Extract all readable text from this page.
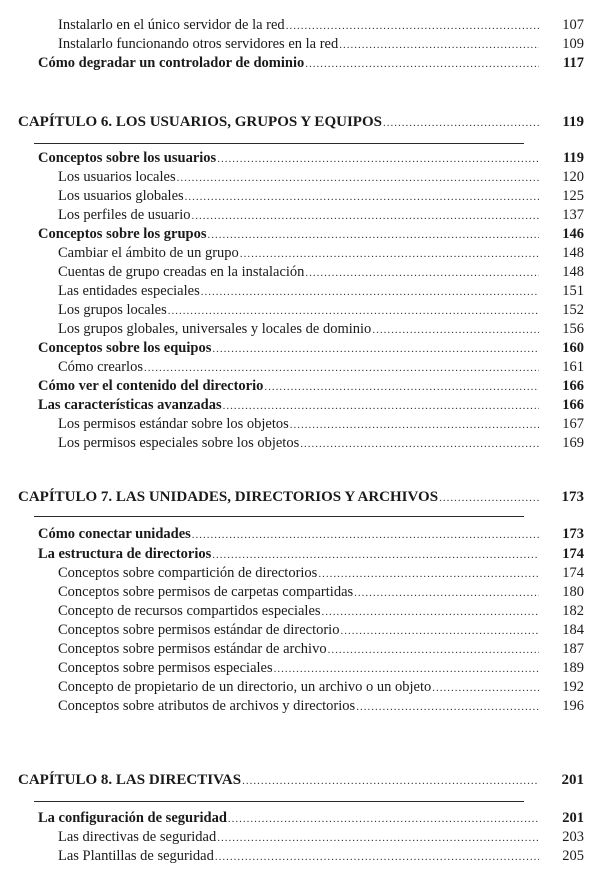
Instalarlo en el único servidor de la red .....	107
Instalarlo funcionando otros servidores en la red .....	109
Cómo degradar un controlador de dominio .....	117
CAPÍTULO 6. LOS USUARIOS, GRUPOS Y EQUIPOS .....	119
Conceptos sobre los usuarios .....	119
Los usuarios locales .....	120
Los usuarios globales .....	125
Los perfiles de usuario .....	137
Conceptos sobre los grupos .....	146
Cambiar el ámbito de un grupo .....	148
Cuentas de grupo creadas en la instalación .....	148
Las entidades especiales .....	151
Los grupos locales .....	152
Los grupos globales, universales y locales de dominio .....	156
Conceptos sobre los equipos .....	160
Cómo crearlos .....	161
Cómo ver el contenido del directorio .....	166
Las características avanzadas .....	166
Los permisos estándar sobre los objetos .....	167
Los permisos especiales sobre los objetos .....	169
CAPÍTULO 7. LAS UNIDADES, DIRECTORIOS Y ARCHIVOS .....	173
Cómo conectar unidades .....	173
La estructura de directorios .....	174
Conceptos sobre compartición de directorios .....	174
Conceptos sobre permisos de carpetas compartidas .....	180
Concepto de recursos compartidos especiales .....	182
Conceptos sobre permisos estándar de directorio .....	184
Conceptos sobre permisos estándar de archivo .....	187
Conceptos sobre permisos especiales .....	189
Concepto de propietario de un directorio, un archivo o un objeto .....	192
Conceptos sobre atributos de archivos y directorios .....	196
CAPÍTULO 8. LAS DIRECTIVAS .....	201
La configuración de seguridad .....	201
Las directivas de seguridad .....	203
Las Plantillas de seguridad .....	205
